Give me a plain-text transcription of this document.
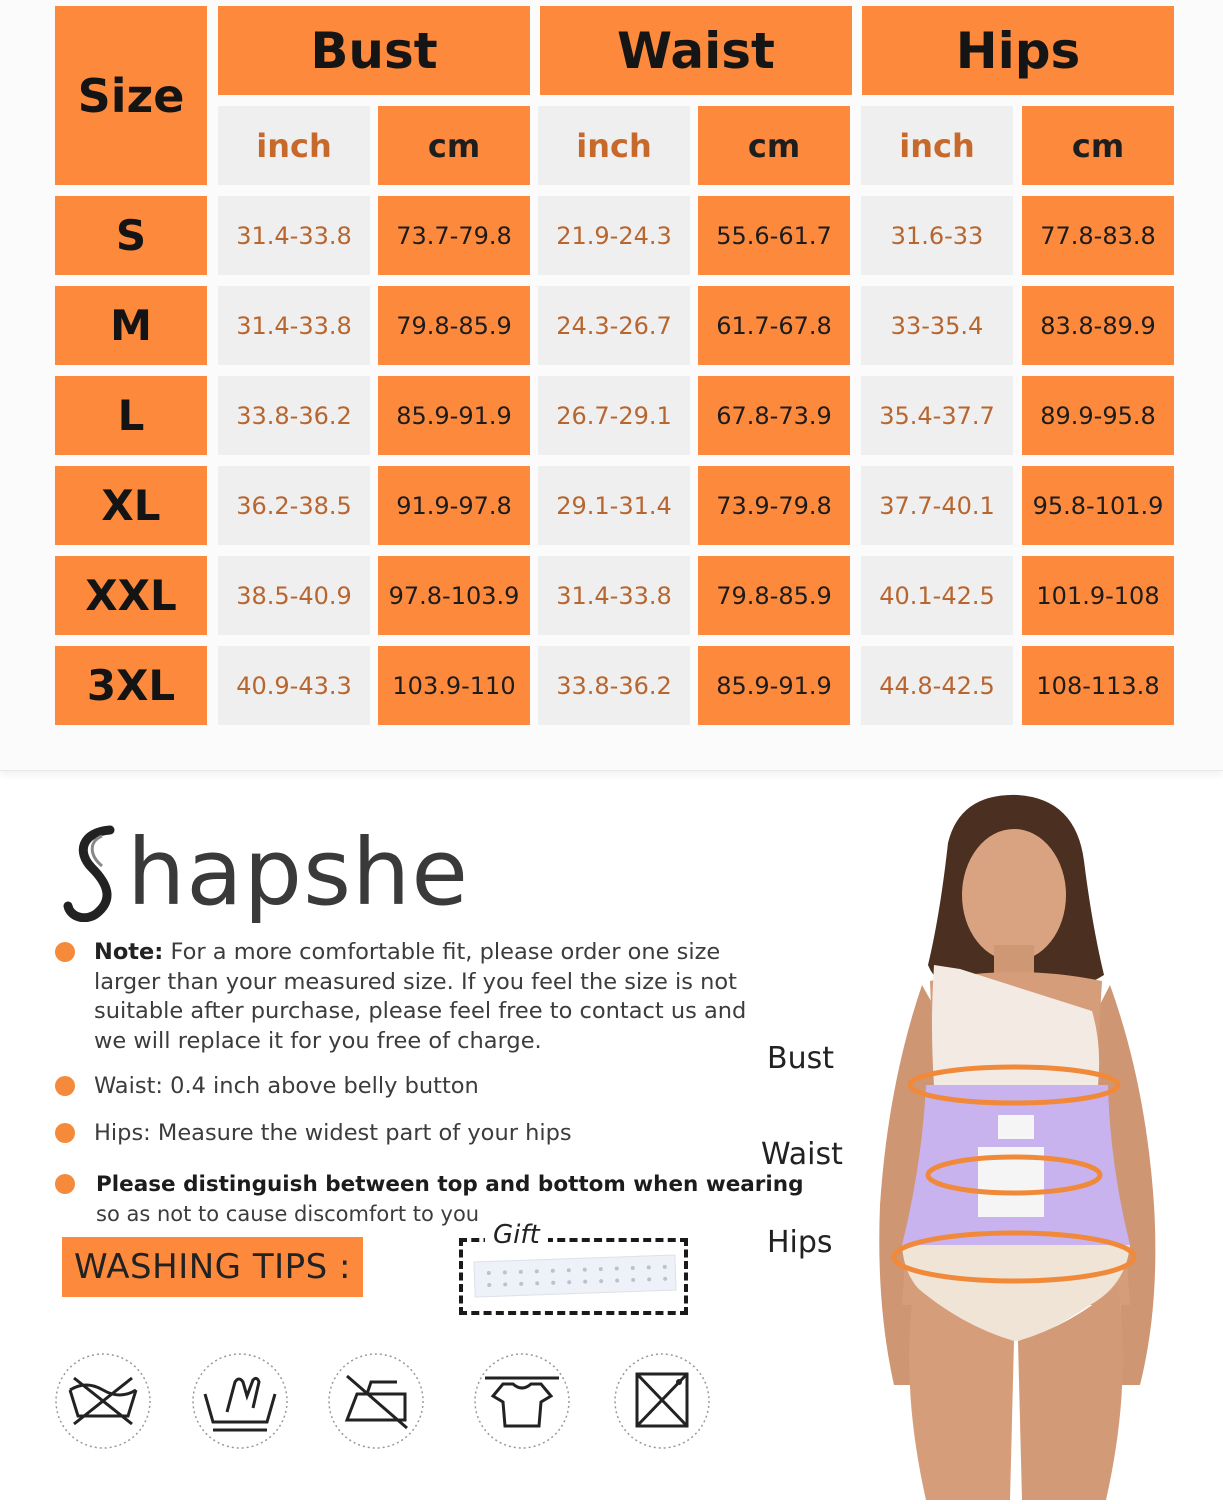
Size
Bust	Waist	Hips
inch	cm	inch	cm	inch	cm
S	31.4-33.8	73.7-79.8	21.9-24.3	55.6-61.7	31.6-33	77.8-83.8
M	31.4-33.8	79.8-85.9	24.3-26.7	61.7-67.8	33-35.4	83.8-89.9
L	33.8-36.2	85.9-91.9	26.7-29.1	67.8-73.9	35.4-37.7	89.9-95.8
XL	36.2-38.5	91.9-97.8	29.1-31.4	73.9-79.8	37.7-40.1	95.8-101.9
XXL	38.5-40.9	97.8-103.9	31.4-33.8	79.8-85.9	40.1-42.5	101.9-108
3XL	40.9-43.3	103.9-110	33.8-36.2	85.9-91.9	44.8-42.5	108-113.8
hapshe
Note: For a more comfortable fit, please order one size
larger than your measured size. If you feel the size is not
suitable after purchase, please feel free to contact us and
we will replace it for you free of charge.
Waist: 0.4 inch above belly button
Hips: Measure the widest part of your hips
Please distinguish between top and bottom when wearing
so as not to cause discomfort to you
WASHING TIPS :
Gift
Bust
Waist
Hips
